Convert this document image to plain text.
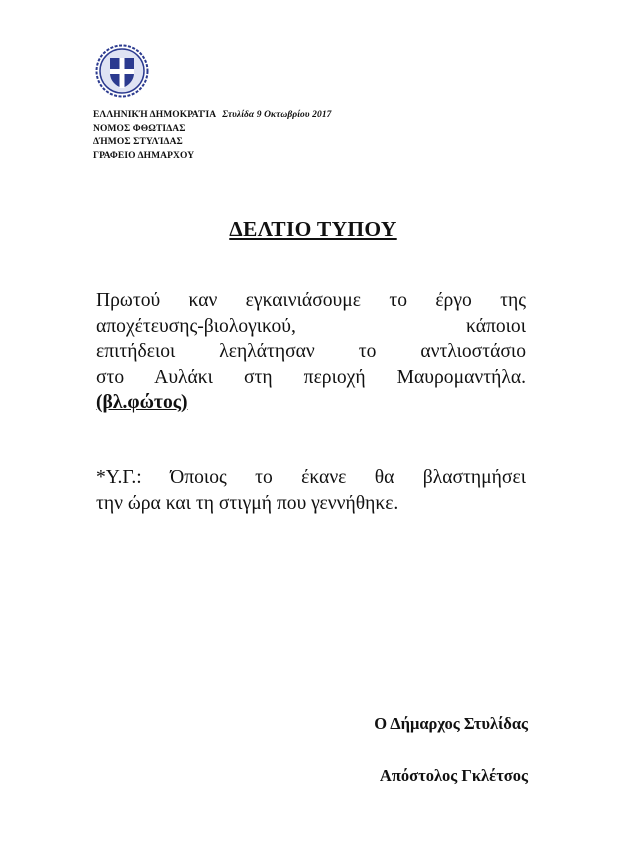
ΕΛΛΗΝΙΚΉ ΔΗΜΟΚΡΑΤΊΑ Στυλίδα 9 Οκτωβρίου 2017
ΝΟΜΟΣ ΦΘΩΤΙΔΑΣ
ΔΉΜΟΣ ΣΤΥΛΊΔΑΣ
ΓΡΑΦΕΙΟ ΔΗΜΑΡΧΟΥ
ΔΕΛΤΙΟ ΤΥΠΟΥ
Πρωτού καν εγκαινιάσουμε το έργο της
αποχέτευσης-βιολογικού, κάποιοι
επιτήδειοι λεηλάτησαν το αντλιοστάσιο
στο Αυλάκι στη περιοχή Μαυρομαντήλα.
(βλ.φώτος)
*Υ.Γ.: Όποιος το έκανε θα βλαστημήσει
την ώρα και τη στιγμή που γεννήθηκε.
Ο Δήμαρχος Στυλίδας
Απόστολος Γκλέτσος
